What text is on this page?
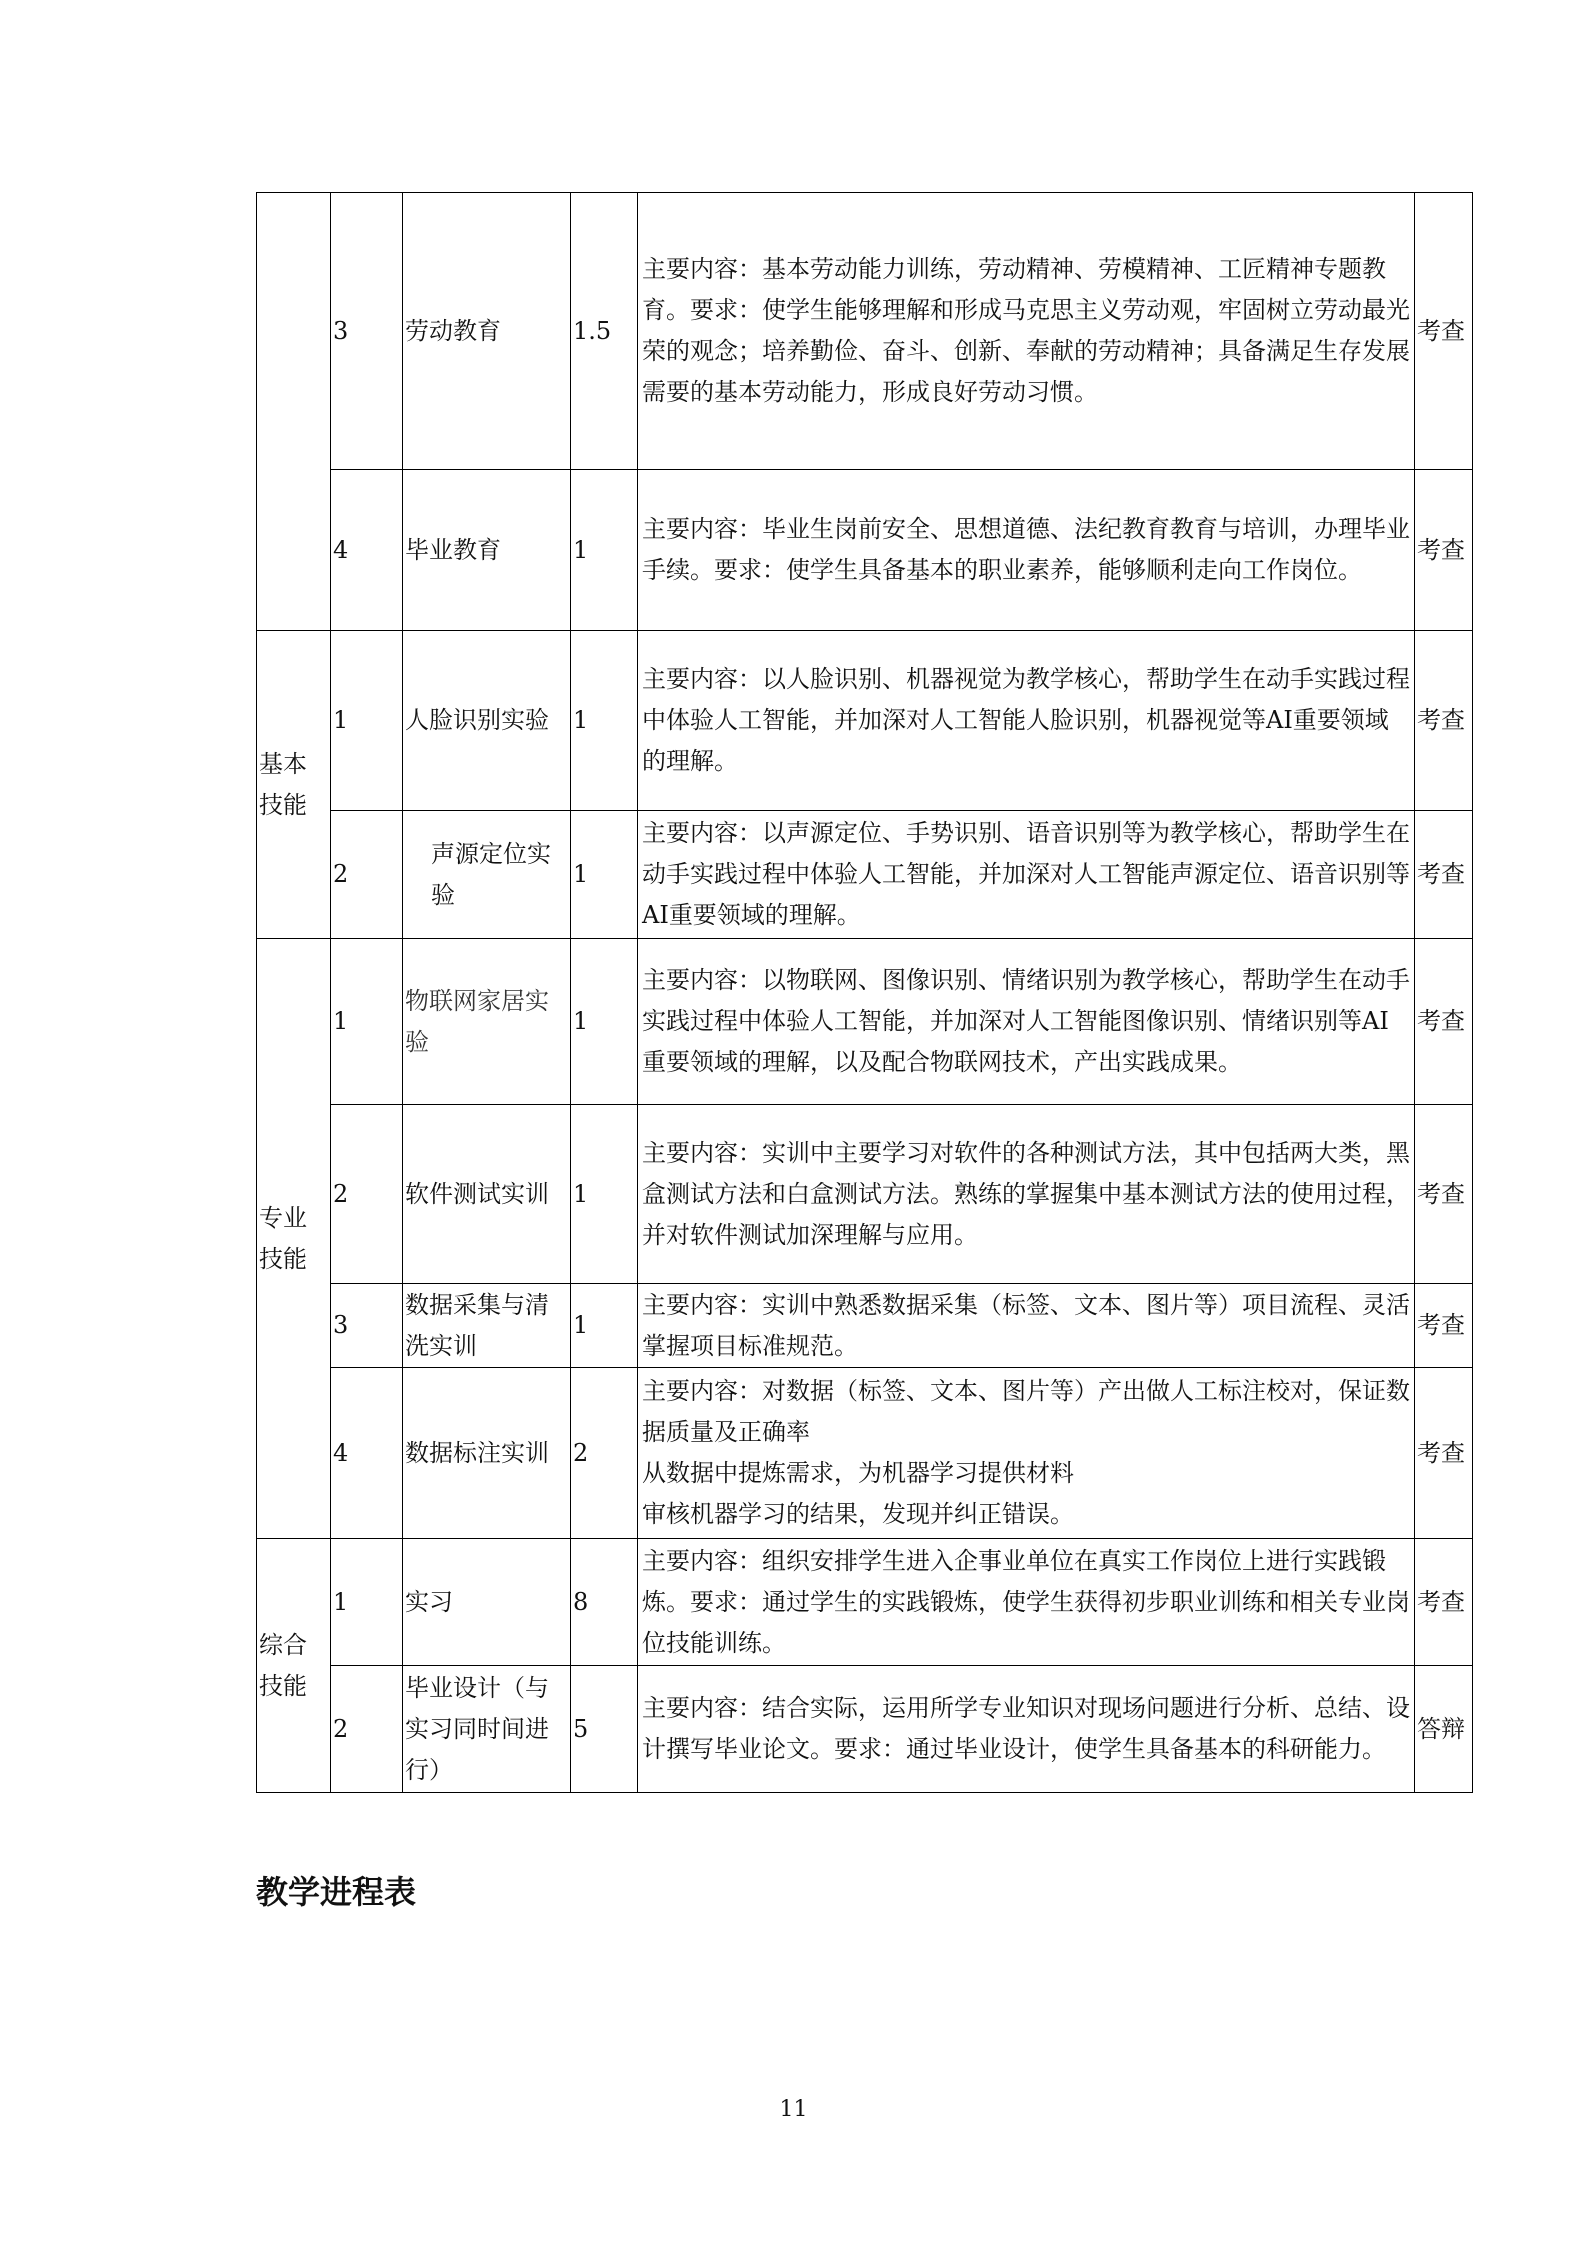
	3	劳动教育	1.5	主要内容：基本劳动能力训练，劳动精神、劳模精神、工匠精神专题教育。要求：使学生能够理解和形成马克思主义劳动观，牢固树立劳动最光荣的观念；培养勤俭、奋斗、创新、奉献的劳动精神；具备满足生存发展需要的基本劳动能力，形成良好劳动习惯。	考查
	4	毕业教育	1	主要内容：毕业生岗前安全、思想道德、法纪教育教育与培训，办理毕业手续。要求：使学生具备基本的职业素养，能够顺利走向工作岗位。	考查
基本技能	1	人脸识别实验	1	主要内容：以人脸识别、机器视觉为教学核心，帮助学生在动手实践过程中体验人工智能，并加深对人工智能人脸识别，机器视觉等AI重要领域的理解。	考查
	2	声源定位实验	1	主要内容：以声源定位、手势识别、语音识别等为教学核心，帮助学生在动手实践过程中体验人工智能，并加深对人工智能声源定位、语音识别等AI重要领域的理解。	考查
专业技能	1	物联网家居实验	1	主要内容：以物联网、图像识别、情绪识别为教学核心，帮助学生在动手实践过程中体验人工智能，并加深对人工智能图像识别、情绪识别等AI重要领域的理解，以及配合物联网技术，产出实践成果。	考查
	2	软件测试实训	1	主要内容：实训中主要学习对软件的各种测试方法，其中包括两大类，黑盒测试方法和白盒测试方法。熟练的掌握集中基本测试方法的使用过程，并对软件测试加深理解与应用。	考查
	3	数据采集与清洗实训	1	主要内容：实训中熟悉数据采集（标签、文本、图片等）项目流程、灵活掌握项目标准规范。	考查
	4	数据标注实训	2	主要内容：对数据（标签、文本、图片等）产出做人工标注校对，保证数据质量及正确率
从数据中提炼需求，为机器学习提供材料
审核机器学习的结果，发现并纠正错误。	考查
综合技能	1	实习	8	主要内容：组织安排学生进入企事业单位在真实工作岗位上进行实践锻炼。要求：通过学生的实践锻炼，使学生获得初步职业训练和相关专业岗位技能训练。	考查
	2	毕业设计（与实习同时间进行）	5	主要内容：结合实际，运用所学专业知识对现场问题进行分析、总结、设计撰写毕业论文。要求：通过毕业设计，使学生具备基本的科研能力。	答辩
教学进程表
11
